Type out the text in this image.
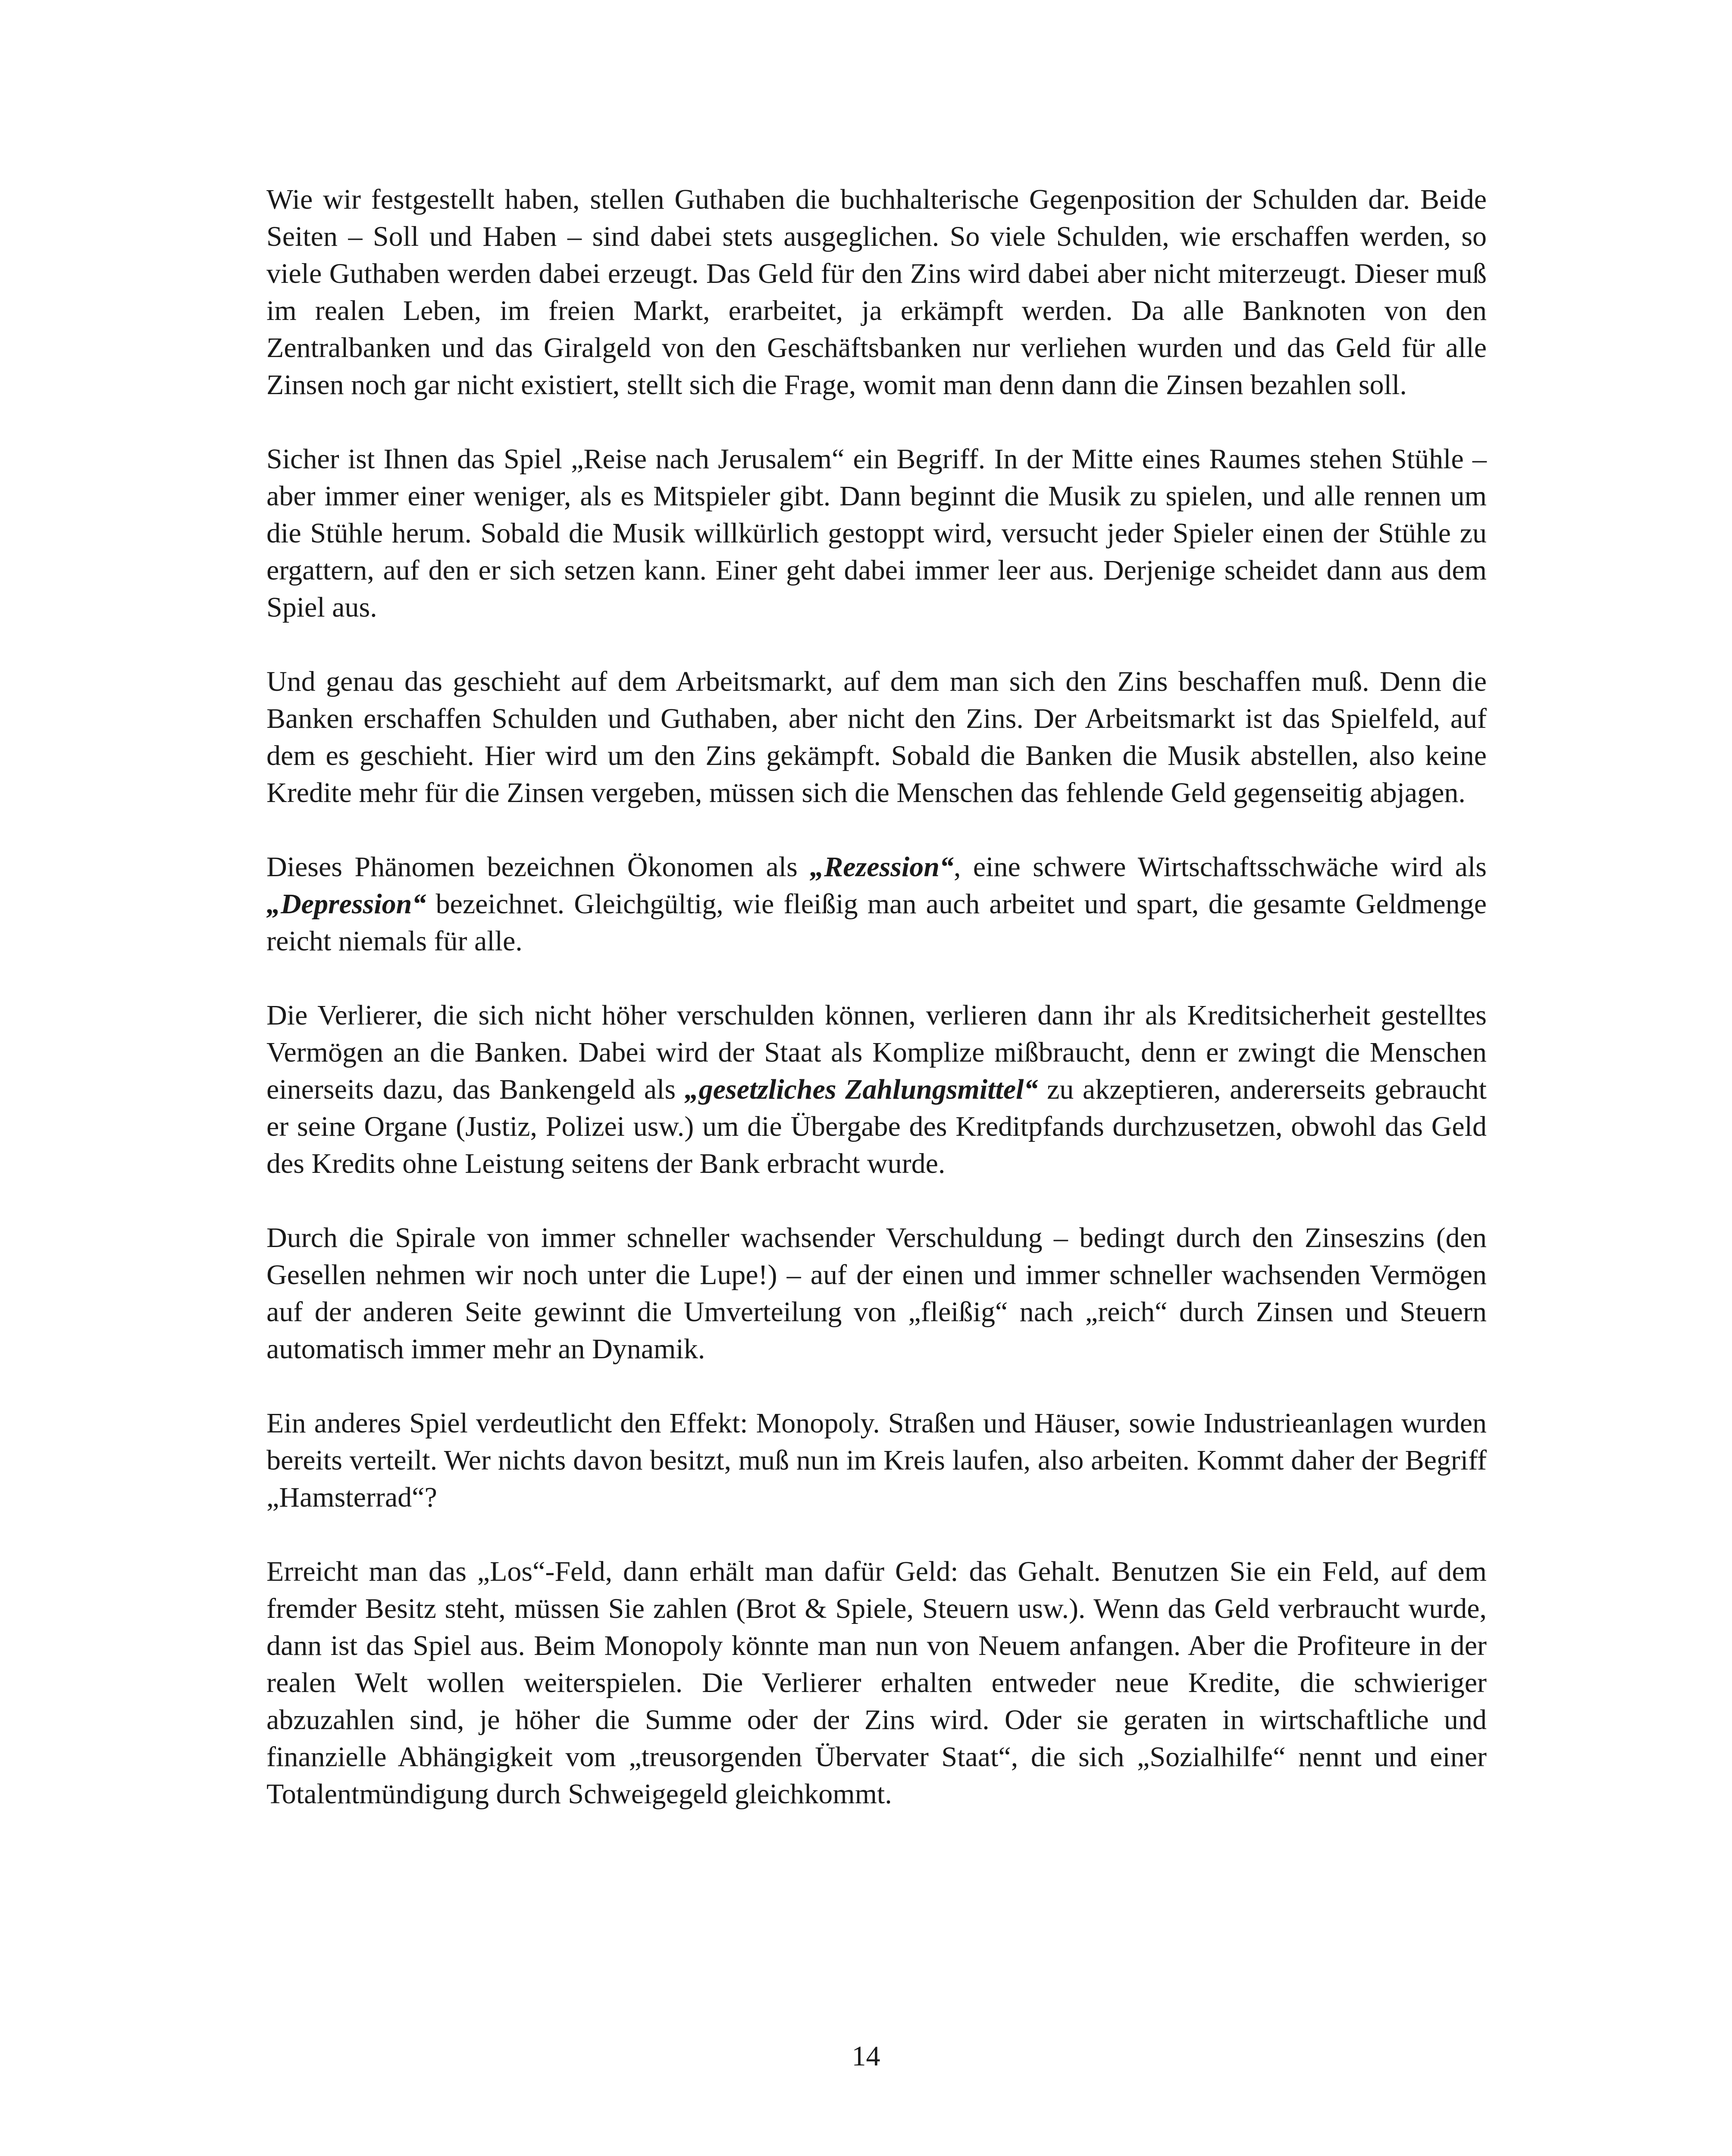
Wie wir festgestellt haben, stellen Guthaben die buchhalterische Gegenposition der Schulden dar. Beide Seiten – Soll und Haben – sind dabei stets ausgeglichen. So viele Schulden, wie erschaffen werden, so viele Guthaben werden dabei erzeugt. Das Geld für den Zins wird dabei aber nicht miterzeugt. Dieser muß im realen Leben, im freien Markt, erarbeitet, ja erkämpft werden. Da alle Banknoten von den Zentralbanken und das Giralgeld von den Geschäftsbanken nur verliehen wurden und das Geld für alle Zinsen noch gar nicht existiert, stellt sich die Frage, womit man denn dann die Zinsen bezahlen soll.

Sicher ist Ihnen das Spiel „Reise nach Jerusalem“ ein Begriff. In der Mitte eines Raumes stehen Stühle – aber immer einer weniger, als es Mitspieler gibt. Dann beginnt die Musik zu spielen, und alle rennen um die Stühle herum. Sobald die Musik willkürlich gestoppt wird, versucht jeder Spieler einen der Stühle zu ergattern, auf den er sich setzen kann. Einer geht dabei immer leer aus. Derjenige scheidet dann aus dem Spiel aus.

Und genau das geschieht auf dem Arbeitsmarkt, auf dem man sich den Zins beschaffen muß. Denn die Banken erschaffen Schulden und Guthaben, aber nicht den Zins. Der Arbeitsmarkt ist das Spielfeld, auf dem es geschieht. Hier wird um den Zins gekämpft. Sobald die Banken die Musik abstellen, also keine Kredite mehr für die Zinsen vergeben, müssen sich die Menschen das fehlende Geld gegenseitig abjagen.

Dieses Phänomen bezeichnen Ökonomen als „Rezession“, eine schwere Wirtschaftsschwäche wird als „Depression“ bezeichnet. Gleichgültig, wie fleißig man auch arbeitet und spart, die gesamte Geldmenge reicht niemals für alle.

Die Verlierer, die sich nicht höher verschulden können, verlieren dann ihr als Kreditsicherheit gestelltes Vermögen an die Banken. Dabei wird der Staat als Komplize mißbraucht, denn er zwingt die Menschen einerseits dazu, das Bankengeld als „gesetzliches Zahlungsmittel“ zu akzeptieren, andererseits gebraucht er seine Organe (Justiz, Polizei usw.) um die Übergabe des Kreditpfands durchzusetzen, obwohl das Geld des Kredits ohne Leistung seitens der Bank erbracht wurde.

Durch die Spirale von immer schneller wachsender Verschuldung – bedingt durch den Zinseszins (den Gesellen nehmen wir noch unter die Lupe!) – auf der einen und immer schneller wachsenden Vermögen auf der anderen Seite gewinnt die Umverteilung von „fleißig“ nach „reich“ durch Zinsen und Steuern automatisch immer mehr an Dynamik.

Ein anderes Spiel verdeutlicht den Effekt: Monopoly. Straßen und Häuser, sowie Industrieanlagen wurden bereits verteilt. Wer nichts davon besitzt, muß nun im Kreis laufen, also arbeiten. Kommt daher der Begriff „Hamsterrad“?

Erreicht man das „Los“-Feld, dann erhält man dafür Geld: das Gehalt. Benutzen Sie ein Feld, auf dem fremder Besitz steht, müssen Sie zahlen (Brot & Spiele, Steuern usw.). Wenn das Geld verbraucht wurde, dann ist das Spiel aus. Beim Monopoly könnte man nun von Neuem anfangen. Aber die Profiteure in der realen Welt wollen weiterspielen. Die Verlierer erhalten entweder neue Kredite, die schwieriger abzuzahlen sind, je höher die Summe oder der Zins wird. Oder sie geraten in wirtschaftliche und finanzielle Abhängigkeit vom „treusorgenden Übervater Staat“, die sich „Sozialhilfe“ nennt und einer Totalentmündigung durch Schweigegeld gleichkommt.

14
